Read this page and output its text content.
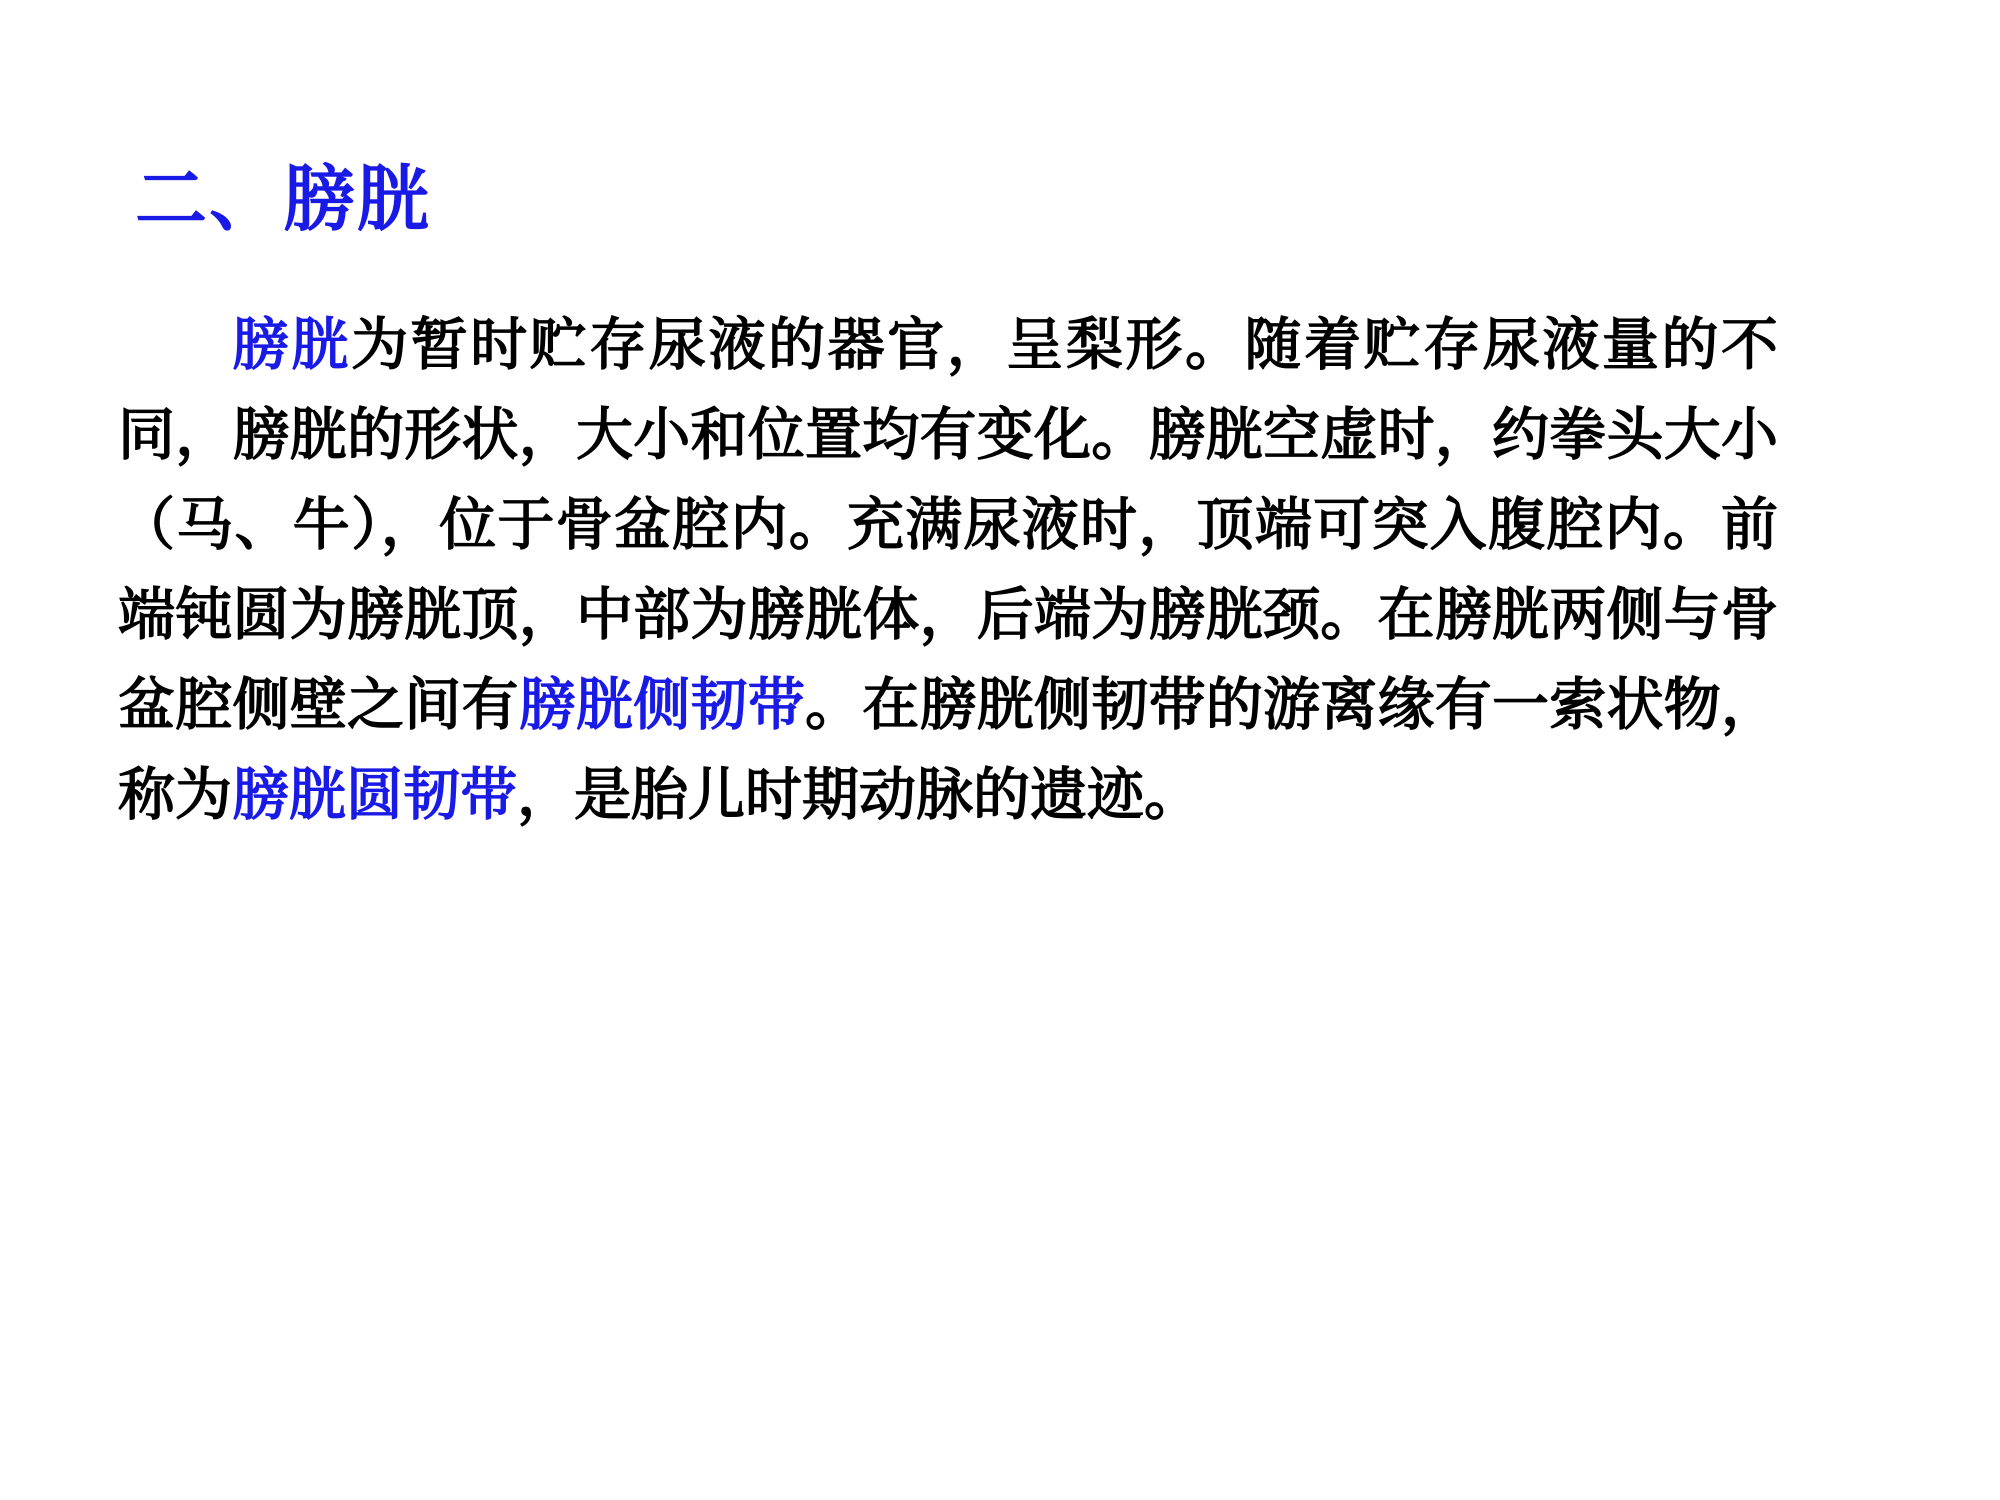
二、膀胱

膀胱为暂时贮存尿液的器官，呈梨形。随着贮存尿液量的不同，膀胱的形状，大小和位置均有变化。膀胱空虚时，约拳头大小（马、牛），位于骨盆腔内。充满尿液时，顶端可突入腹腔内。前端钝圆为膀胱顶，中部为膀胱体，后端为膀胱颈。在膀胱两侧与骨盆腔侧壁之间有膀胱侧韧带。在膀胱侧韧带的游离缘有一索状物，称为膀胱圆韧带，是胎儿时期动脉的遗迹。
